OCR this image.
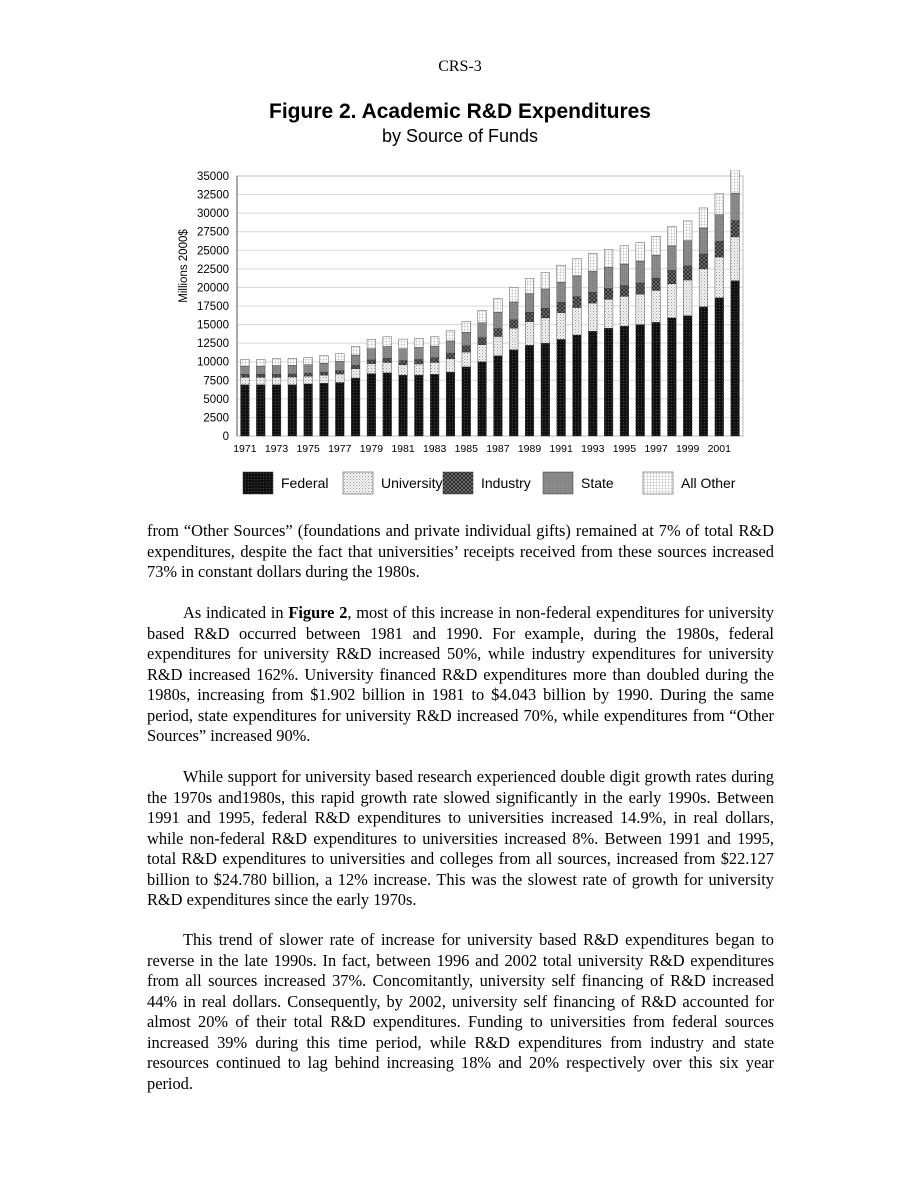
CRS-3
Figure 2. Academic R&D Expenditures
by Source of Funds
0
2500
5000
7500
10000
12500
15000
17500
20000
22500
25000
27500
30000
32500
35000
1971 1973 1975 1977 1979 1981 1983 1985 1987 1989 1991 1993 1995 1997 1999 2001
Millions 2000$
Federal	University	Industry	State	All Other

from “Other Sources” (foundations and private individual gifts) remained at 7% of total R&D expenditures, despite the fact that universities’ receipts received from these sources increased 73% in constant dollars during the 1980s.

As indicated in Figure 2, most of this increase in non-federal expenditures for university based R&D occurred between 1981 and 1990. For example, during the 1980s, federal expenditures for university R&D increased 50%, while industry expenditures for university R&D increased 162%. University financed R&D expenditures more than doubled during the 1980s, increasing from $1.902 billion in 1981 to $4.043 billion by 1990. During the same period, state expenditures for university R&D increased 70%, while expenditures from “Other Sources” increased 90%.

While support for university based research experienced double digit growth rates during the 1970s and1980s, this rapid growth rate slowed significantly in the early 1990s. Between 1991 and 1995, federal R&D expenditures to universities increased 14.9%, in real dollars, while non-federal R&D expenditures to universities increased 8%. Between 1991 and 1995, total R&D expenditures to universities and colleges from all sources, increased from $22.127 billion to $24.780 billion, a 12% increase. This was the slowest rate of growth for university R&D expenditures since the early 1970s.

This trend of slower rate of increase for university based R&D expenditures began to reverse in the late 1990s. In fact, between 1996 and 2002 total university R&D expenditures from all sources increased 37%. Concomitantly, university self financing of R&D increased 44% in real dollars. Consequently, by 2002, university self financing of R&D accounted for almost 20% of their total R&D expenditures. Funding to universities from federal sources increased 39% during this time period, while R&D expenditures from industry and state resources continued to lag behind increasing 18% and 20% respectively over this six year period.
